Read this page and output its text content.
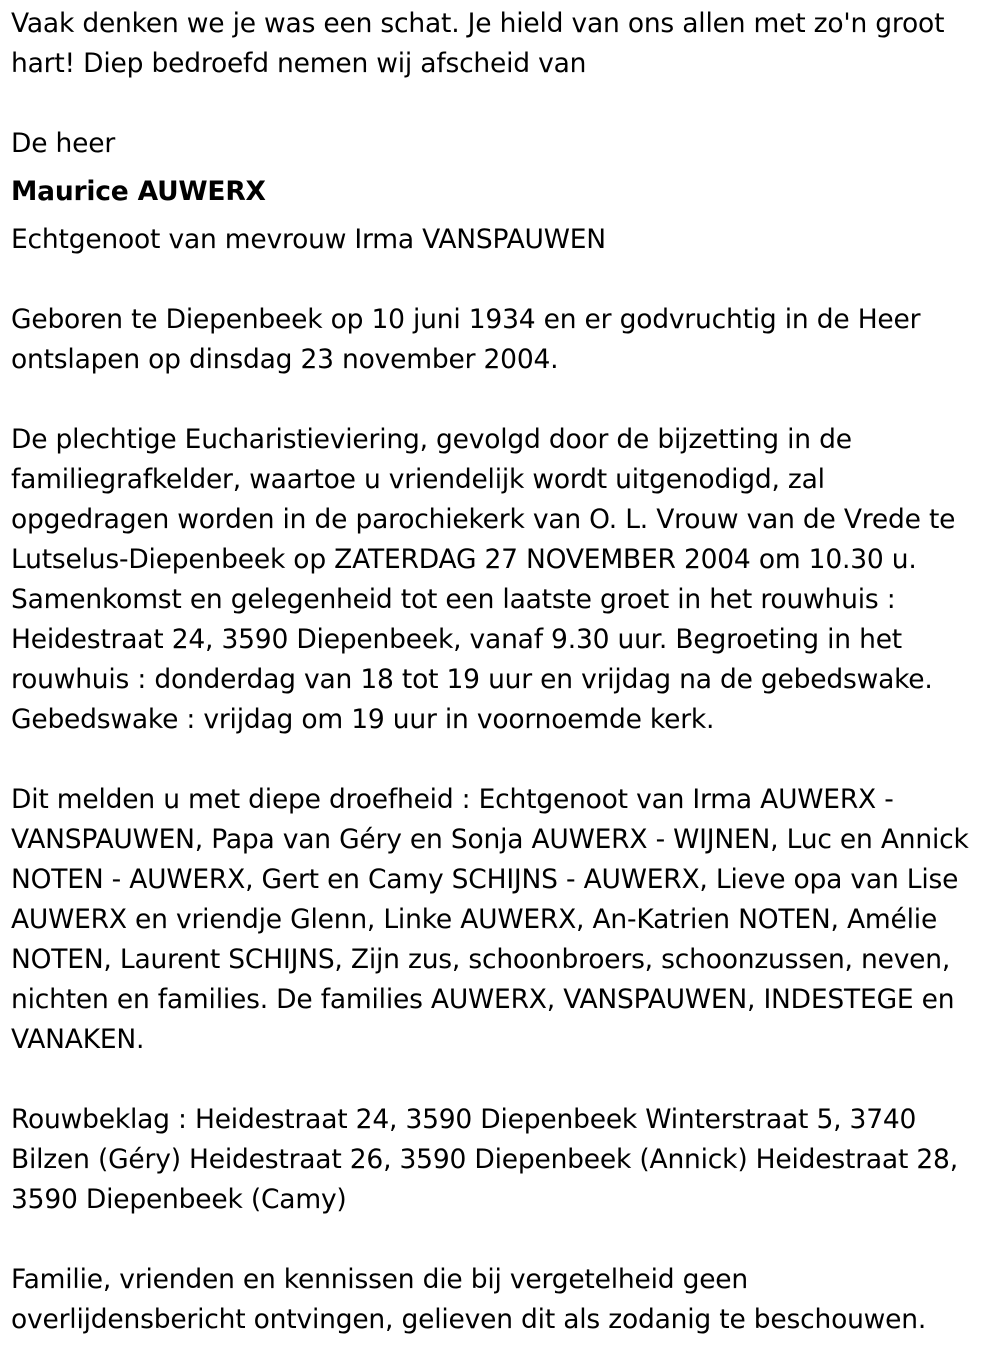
Vaak denken we je was een schat. Je hield van ons allen met zo'n groot
hart! Diep bedroefd nemen wij afscheid van

De heer

Maurice AUWERX

Echtgenoot van mevrouw Irma VANSPAUWEN

Geboren te Diepenbeek op 10 juni 1934 en er godvruchtig in de Heer
ontslapen op dinsdag 23 november 2004.

De plechtige Eucharistieviering, gevolgd door de bijzetting in de
familiegrafkelder, waartoe u vriendelijk wordt uitgenodigd, zal
opgedragen worden in de parochiekerk van O. L. Vrouw van de Vrede te
Lutselus-Diepenbeek op ZATERDAG 27 NOVEMBER 2004 om 10.30 u.
Samenkomst en gelegenheid tot een laatste groet in het rouwhuis :
Heidestraat 24, 3590 Diepenbeek, vanaf 9.30 uur. Begroeting in het
rouwhuis : donderdag van 18 tot 19 uur en vrijdag na de gebedswake.
Gebedswake : vrijdag om 19 uur in voornoemde kerk.

Dit melden u met diepe droefheid : Echtgenoot van Irma AUWERX -
VANSPAUWEN, Papa van Géry en Sonja AUWERX - WIJNEN, Luc en Annick
NOTEN - AUWERX, Gert en Camy SCHIJNS - AUWERX, Lieve opa van Lise
AUWERX en vriendje Glenn, Linke AUWERX, An-Katrien NOTEN, Amélie
NOTEN, Laurent SCHIJNS, Zijn zus, schoonbroers, schoonzussen, neven,
nichten en families. De families AUWERX, VANSPAUWEN, INDESTEGE en
VANAKEN.

Rouwbeklag : Heidestraat 24, 3590 Diepenbeek Winterstraat 5, 3740
Bilzen (Géry) Heidestraat 26, 3590 Diepenbeek (Annick) Heidestraat 28,
3590 Diepenbeek (Camy)

Familie, vrienden en kennissen die bij vergetelheid geen
overlijdensbericht ontvingen, gelieven dit als zodanig te beschouwen.
